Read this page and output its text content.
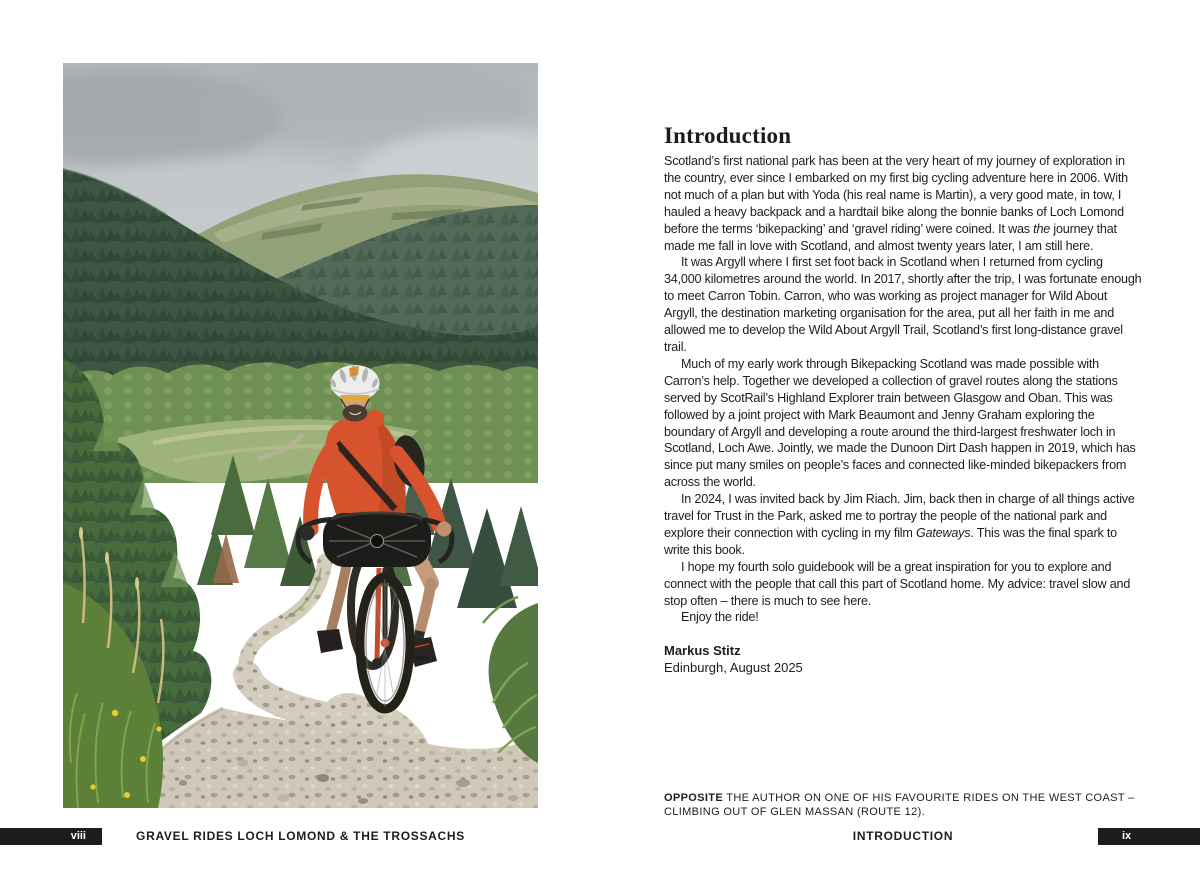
Introduction

Scotland’s first national park has been at the very heart of my journey of exploration in the country, ever since I embarked on my first big cycling adventure here in 2006. With not much of a plan but with Yoda (his real name is Martin), a very good mate, in tow, I hauled a heavy backpack and a hardtail bike along the bonnie banks of Loch Lomond before the terms ‘bikepacking’ and ‘gravel riding’ were coined. It was the journey that made me fall in love with Scotland, and almost twenty years later, I am still here.

It was Argyll where I first set foot back in Scotland when I returned from cycling 34,000 kilometres around the world. In 2017, shortly after the trip, I was fortunate enough to meet Carron Tobin. Carron, who was working as project manager for Wild About Argyll, the destination marketing organisation for the area, put all her faith in me and allowed me to develop the Wild About Argyll Trail, Scotland’s first long-distance gravel trail.

Much of my early work through Bikepacking Scotland was made possible with Carron’s help. Together we developed a collection of gravel routes along the stations served by ScotRail’s Highland Explorer train between Glasgow and Oban. This was followed by a joint project with Mark Beaumont and Jenny Graham exploring the boundary of Argyll and developing a route around the third-largest freshwater loch in Scotland, Loch Awe. Jointly, we made the Dunoon Dirt Dash happen in 2019, which has since put many smiles on people’s faces and connected like-minded bikepackers from across the world.

In 2024, I was invited back by Jim Riach. Jim, back then in charge of all things active travel for Trust in the Park, asked me to portray the people of the national park and explore their connection with cycling in my film Gateways. This was the final spark to write this book.

I hope my fourth solo guidebook will be a great inspiration for you to explore and connect with the people that call this part of Scotland home. My advice: travel slow and stop often – there is much to see here.

Enjoy the ride!

Markus Stitz

Edinburgh, August 2025

OPPOSITE THE AUTHOR ON ONE OF HIS FAVOURITE RIDES ON THE WEST COAST – CLIMBING OUT OF GLEN MASSAN (ROUTE 12).

viii	GRAVEL RIDES LOCH LOMOND & THE TROSSACHS	INTRODUCTION	ix
